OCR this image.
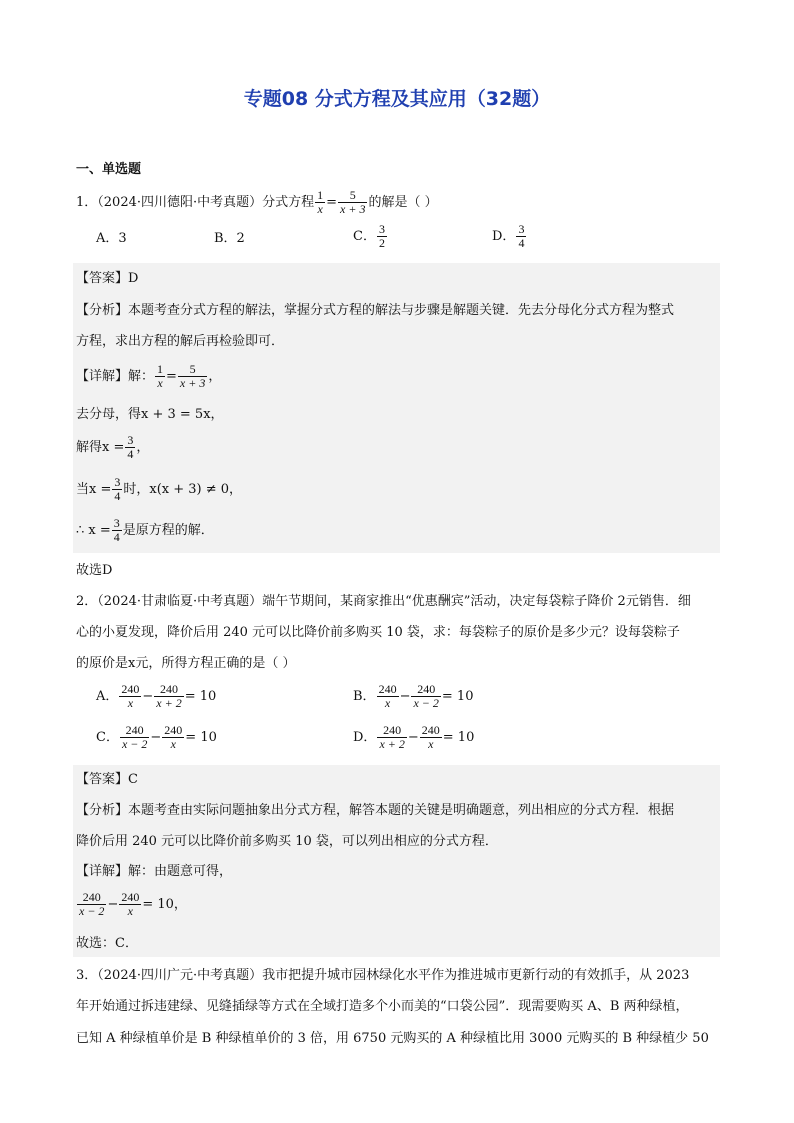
专题08 分式方程及其应用（32题）
一、单选题
1．（2024·四川德阳·中考真题）分式方程 $\frac{1}{x} = \frac{5}{x + 3}$ 的解是（ ）
A．3	B．2	C． $\frac{3}{2}$	D． $\frac{3}{4}$
【答案】D
【分析】本题考查分式方程的解法，掌握分式方程的解法与步骤是解题关键．先去分母化分式方程为整式
方程，求出方程的解后再检验即可．
【详解】解： $\frac{1}{x} = \frac{5}{x + 3}$ ，
去分母，得x + 3 = 5x，
解得$x = \frac{3}{4}$ ，
当$x = \frac{3}{4}$ 时，x(x + 3) ≠ 0，
∴ $x = \frac{3}{4}$ 是原方程的解．
故选D
2．（2024·甘肃临夏·中考真题）端午节期间，某商家推出“优惠酬宾”活动，决定每袋粽子降价 2元销售．细
心的小夏发现，降价后用 240 元可以比降价前多购买 10 袋，求：每袋粽子的原价是多少元？设每袋粽子
的原价是x元，所得方程正确的是（ ）
A． $\frac{240}{x} - \frac{240}{x + 2} = 10$	B． $\frac{240}{x} - \frac{240}{x - 2} = 10$
C． $\frac{240}{x - 2} - \frac{240}{x} = 10$	D． $\frac{240}{x + 2} - \frac{240}{x} = 10$
【答案】C
【分析】本题考查由实际问题抽象出分式方程，解答本题的关键是明确题意，列出相应的分式方程．根据
降价后用 240 元可以比降价前多购买 10 袋，可以列出相应的分式方程．
【详解】解：由题意可得，
$\frac{240}{x - 2} - \frac{240}{x} = 10$，
故选：C．
3．（2024·四川广元·中考真题）我市把提升城市园林绿化水平作为推进城市更新行动的有效抓手，从 2023
年开始通过拆违建绿、见缝插绿等方式在全域打造多个小而美的“口袋公园”．现需要购买 A、B 两种绿植，
已知 A 种绿植单价是 B 种绿植单价的 3 倍，用 6750 元购买的 A 种绿植比用 3000 元购买的 B 种绿植少 50
